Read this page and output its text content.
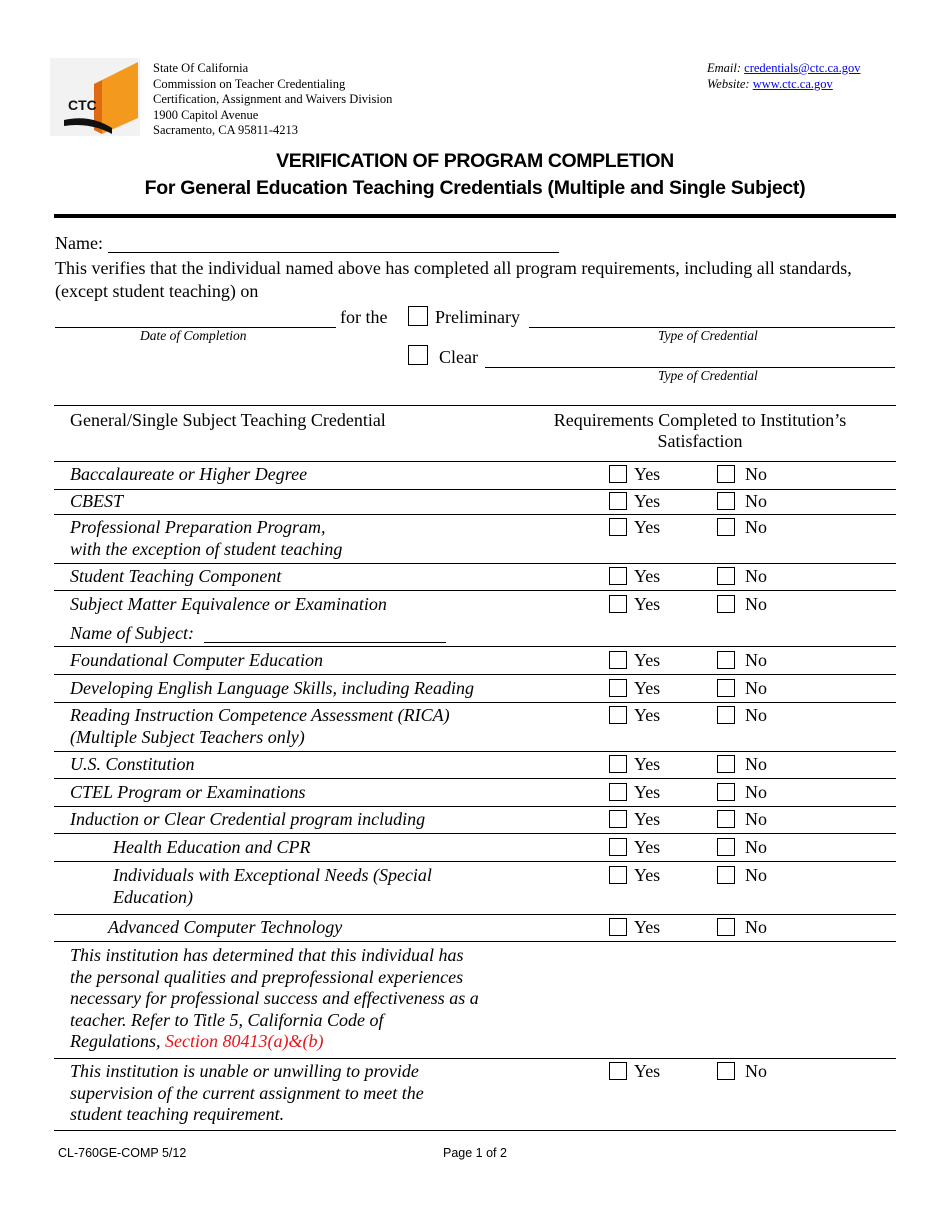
CTC
State Of California
Commission on Teacher Credentialing
Certification, Assignment and Waivers Division
1900 Capitol Avenue
Sacramento, CA 95811-4213
Email: credentials@ctc.ca.gov
Website: www.ctc.ca.gov
VERIFICATION OF PROGRAM COMPLETION
For General Education Teaching Credentials (Multiple and Single Subject)
Name:
This verifies that the individual named above has completed all program requirements, including all standards,
(except student teaching) on
Date of Completion
for the	Preliminary
Type of Credential
Clear
Type of Credential
General/Single Subject Teaching Credential	Requirements Completed to Institution’s
Satisfaction
Baccalaureate or Higher Degree	Yes	No
CBEST	Yes	No
Professional Preparation Program,
with the exception of student teaching
Yes	No
Student Teaching Component	Yes	No
Subject Matter Equivalence or Examination
Name of Subject:
Yes	No
Foundational Computer Education	Yes	No
Developing English Language Skills, including Reading	Yes	No
Reading Instruction Competence Assessment (RICA)
(Multiple Subject Teachers only)
Yes	No
U.S. Constitution	Yes	No
CTEL Program or Examinations	Yes	No
Induction or Clear Credential program including	Yes	No
Health Education and CPR	Yes	No
Individuals with Exceptional Needs (Special
Education)
Yes	No
Advanced Computer Technology	Yes	No
This institution has determined that this individual has
the personal qualities and preprofessional experiences
necessary for professional success and effectiveness as a
teacher. Refer to Title 5, California Code of
Regulations, Section 80413(a)&(b)
This institution is unable or unwilling to provide
supervision of the current assignment to meet the
student teaching requirement.
Yes	No
CL-760GE-COMP 5/12	Page 1 of 2
